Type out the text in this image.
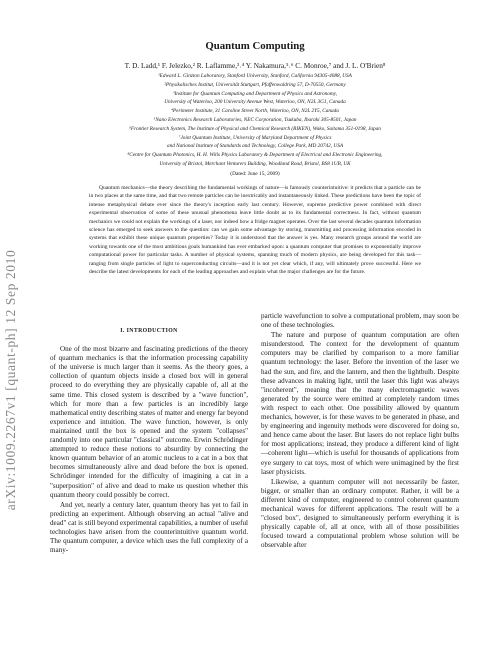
arXiv:1009.2267v1 [quant-ph] 12 Sep 2010
Quantum Computing
T. D. Ladd,¹ F. Jelezko,² R. Laflamme,³˒⁴ Y. Nakamura,⁵˒⁶ C. Monroe,⁷ and J. L. O'Brien⁸
¹Edward L. Ginzton Laboratory, Stanford University, Stanford, California 94305-4088, USA
²Physikalisches Institut, Universität Stuttgart, Pfaffenwaldring 57, D-70550, Germany
³Institute for Quantum Computing and Department of Physics and Astronomy,
University of Waterloo, 200 University Avenue West, Waterloo, ON, N2L 3G1, Canada
⁴Perimeter Institute, 31 Caroline Street North, Waterloo, ON, N2L 2Y5, Canada
⁵Nano Electronics Research Laboratories, NEC Corporation, Tsukuba, Ibaraki 305-8501, Japan
⁶Frontier Research System, The Institute of Physical and Chemical Research (RIKEN), Wako, Saitama 351-0198, Japan
⁷Joint Quantum Institute, University of Maryland Department of Physics
and National Institute of Standards and Technology, College Park, MD 20742, USA
⁸Centre for Quantum Photonics, H. H. Wills Physics Laboratory & Department of Electrical and Electronic Engineering,
University of Bristol, Merchant Venturers Building, Woodland Road, Bristol, BS8 1UB, UK
(Dated: June 15, 2009)
Quantum mechanics—the theory describing the fundamental workings of nature—is famously counterintuitive: it predicts that a particle can be in two places at the same time, and that two remote particles can be inextricably and instantaneously linked. These predictions have been the topic of intense metaphysical debate ever since the theory's inception early last century. However, supreme predictive power combined with direct experimental observation of some of these unusual phenomena leave little doubt as to its fundamental correctness. In fact, without quantum mechanics we could not explain the workings of a laser, nor indeed how a fridge magnet operates. Over the last several decades quantum information science has emerged to seek answers to the question: can we gain some advantage by storing, transmitting and processing information encoded in systems that exhibit these unique quantum properties? Today it is understood that the answer is yes. Many research groups around the world are working towards one of the most ambitious goals humankind has ever embarked upon: a quantum computer that promises to exponentially improve computational power for particular tasks. A number of physical systems, spanning much of modern physics, are being developed for this task—ranging from single particles of light to superconducting circuits—and it is not yet clear which, if any, will ultimately prove successful. Here we describe the latest developments for each of the leading approaches and explain what the major challenges are for the future.
I. INTRODUCTION

One of the most bizarre and fascinating predictions of the theory of quantum mechanics is that the information processing capability of the universe is much larger than it seems. As the theory goes, a collection of quantum objects inside a closed box will in general proceed to do everything they are physically capable of, all at the same time. This closed system is described by a "wave function", which for more than a few particles is an incredibly large mathematical entity describing states of matter and energy far beyond experience and intuition. The wave function, however, is only maintained until the box is opened and the system "collapses" randomly into one particular "classical" outcome. Erwin Schrödinger attempted to reduce these notions to absurdity by connecting the known quantum behavior of an atomic nucleus to a cat in a box that becomes simultaneously alive and dead before the box is opened. Schrödinger intended for the difficulty of imagining a cat in a "superposition" of alive and dead to make us question whether this quantum theory could possibly be correct.

And yet, nearly a century later, quantum theory has yet to fail in predicting an experiment. Although observing an actual "alive and dead" cat is still beyond experimental capabilities, a number of useful technologies have arisen from the counterintuitive quantum world. The quantum computer, a device which uses the full complexity of a many-

particle wavefunction to solve a computational problem, may soon be one of these technologies.

The nature and purpose of quantum computation are often misunderstood. The context for the development of quantum computers may be clarified by comparison to a more familiar quantum technology: the laser. Before the invention of the laser we had the sun, and fire, and the lantern, and then the lightbulb. Despite these advances in making light, until the laser this light was always "incoherent", meaning that the many electromagnetic waves generated by the source were emitted at completely random times with respect to each other. One possibility allowed by quantum mechanics, however, is for these waves to be generated in phase, and by engineering and ingenuity methods were discovered for doing so, and hence came about the laser. But lasers do not replace light bulbs for most applications; instead, they produce a different kind of light—coherent light—which is useful for thousands of applications from eye surgery to cat toys, most of which were unimagined by the first laser physicists.

Likewise, a quantum computer will not necessarily be faster, bigger, or smaller than an ordinary computer. Rather, it will be a different kind of computer, engineered to control coherent quantum mechanical waves for different applications. The result will be a "closed box", designed to simultaneously perform everything it is physically capable of, all at once, with all of those possibilities focused toward a computational problem whose solution will be observable after
